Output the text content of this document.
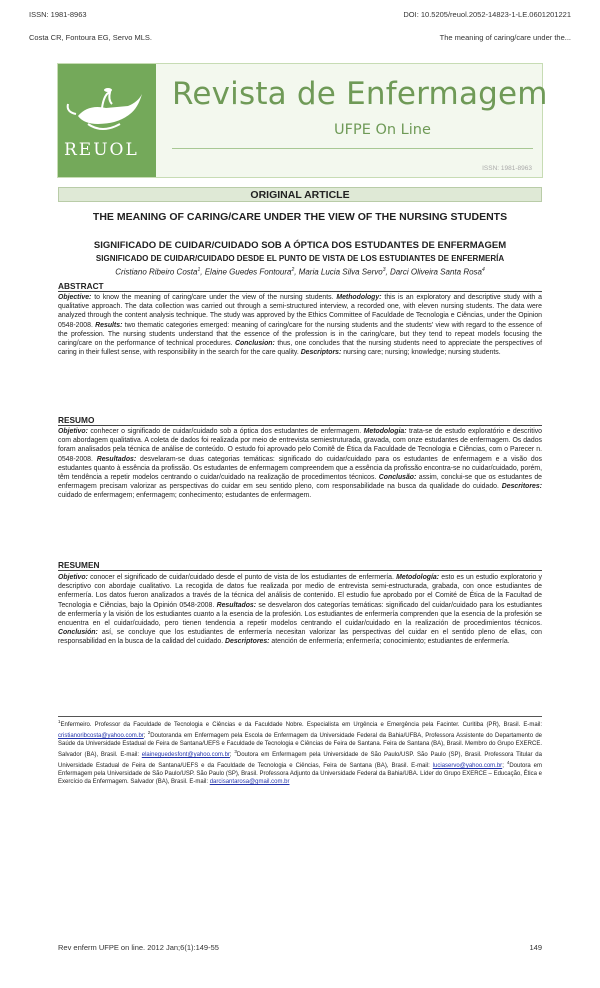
ISSN: 1981-8963	DOI: 10.5205/reuol.2052-14823-1-LE.0601201221
Costa CR, Fontoura EG, Servo MLS.	The meaning of caring/care under the...
REUOL
Revista de Enfermagem
UFPE On Line
ISSN: 1981-8963
ORIGINAL ARTICLE
THE MEANING OF CARING/CARE UNDER THE VIEW OF THE NURSING STUDENTS
SIGNIFICADO DE CUIDAR/CUIDADO SOB A ÓPTICA DOS ESTUDANTES DE ENFERMAGEM
SIGNIFICADO DE CUIDAR/CUIDADO DESDE EL PUNTO DE VISTA DE LOS ESTUDIANTES DE ENFERMERÍA
Cristiano Ribeiro Costa$^1$, Elaine Guedes Fontoura$^2$, Maria Lucia Silva Servo$^3$, Darci Oliveira Santa Rosa$^4$
ABSTRACT
Objective: to know the meaning of caring/care under the view of the nursing students. Methodology: this is an exploratory and descriptive study with a qualitative approach. The data collection was carried out through a semi-structured interview, a recorded one, with eleven nursing students. The data were analyzed through the content analysis technique. The study was approved by the Ethics Committee of Faculdade de Tecnologia e Ciências, under the Opinion 0548-2008. Results: two thematic categories emerged: meaning of caring/care for the nursing students and the students' view with regard to the essence of the profession. The nursing students understand that the essence of the profession is in the caring/care, but they tend to repeat models focusing the caring/care on the performance of technical procedures. Conclusion: thus, one concludes that the nursing students need to appreciate the perspectives of caring in their fullest sense, with responsibility in the search for the care quality. Descriptors: nursing care; nursing; knowledge; nursing students.
RESUMO
Objetivo: conhecer o significado de cuidar/cuidado sob a óptica dos estudantes de enfermagem. Metodologia: trata-se de estudo exploratório e descritivo com abordagem qualitativa. A coleta de dados foi realizada por meio de entrevista semiestruturada, gravada, com onze estudantes de enfermagem. Os dados foram analisados pela técnica de análise de conteúdo. O estudo foi aprovado pelo Comitê de Ética da Faculdade de Tecnologia e Ciências, com o Parecer n. 0548-2008. Resultados: desvelaram-se duas categorias temáticas: significado do cuidar/cuidado para os estudantes de enfermagem e a visão dos estudantes quanto à essência da profissão. Os estudantes de enfermagem compreendem que a essência da profissão encontra-se no cuidar/cuidado, porém, têm tendência a repetir modelos centrando o cuidar/cuidado na realização de procedimentos técnicos. Conclusão: assim, conclui-se que os estudantes de enfermagem precisam valorizar as perspectivas do cuidar em seu sentido pleno, com responsabilidade na busca da qualidade do cuidado. Descritores: cuidado de enfermagem; enfermagem; conhecimento; estudantes de enfermagem.
RESUMEN
Objetivo: conocer el significado de cuidar/cuidado desde el punto de vista de los estudiantes de enfermería. Metodología: esto es un estudio exploratorio y descriptivo con abordaje cualitativo. La recogida de datos fue realizada por medio de entrevista semi-estructurada, grabada, con once estudiantes de enfermería. Los datos fueron analizados a través de la técnica del análisis de contenido. El estudio fue aprobado por el Comité de Ética de la Facultad de Tecnologia e Ciências, bajo la Opinión 0548-2008. Resultados: se desvelaron dos categorías temáticas: significado del cuidar/cuidado para los estudiantes de enfermería y la visión de los estudiantes cuanto a la esencia de la profesión. Los estudiantes de enfermería comprenden que la esencia de la profesión se encuentra en el cuidar/cuidado, pero tienen tendencia a repetir modelos centrando el cuidar/cuidado en la realización de procedimientos técnicos. Conclusión: así, se concluye que los estudiantes de enfermería necesitan valorizar las perspectivas del cuidar en el sentido pleno de ellas, con responsabilidad en la busca de la calidad del cuidado. Descriptores: atención de enfermería; enfermería; conocimiento; estudiantes de enfermería.
$^1$Enfermeiro. Professor da Faculdade de Tecnologia e Ciências e da Faculdade Nobre. Especialista em Urgência e Emergência pela Facinter. Curitiba (PR), Brasil. E-mail: cristianoribcosta@yahoo.com.br; $^2$Doutoranda em Enfermagem pela Escola de Enfermagem da Universidade Federal da Bahia/UFBA, Professora Assistente do Departamento de Saúde da Universidade Estadual de Feira de Santana/UEFS e Faculdade de Tecnologia e Ciências de Feira de Santana. Feira de Santana (BA), Brasil. Membro do Grupo EXERCE. Salvador (BA), Brasil. E-mail: elaineguedesfont@yahoo.com.br; $^3$Doutora em Enfermagem pela Universidade de São Paulo/USP. São Paulo (SP), Brasil. Professora Titular da Universidade Estadual de Feira de Santana/UEFS e da Faculdade de Tecnologia e Ciências, Feira de Santana (BA), Brasil. E-mail: luciaservo@yahoo.com.br; $^4$Doutora em Enfermagem pela Universidade de São Paulo/USP. São Paulo (SP), Brasil. Professora Adjunto da Universidade Federal da Bahia/UBA. Líder do Grupo EXERCE – Educação, Ética e Exercício da Enfermagem. Salvador (BA), Brasil. E-mail: darcisantarosa@gmail.com.br
Rev enferm UFPE on line. 2012 Jan;6(1):149-55	149
